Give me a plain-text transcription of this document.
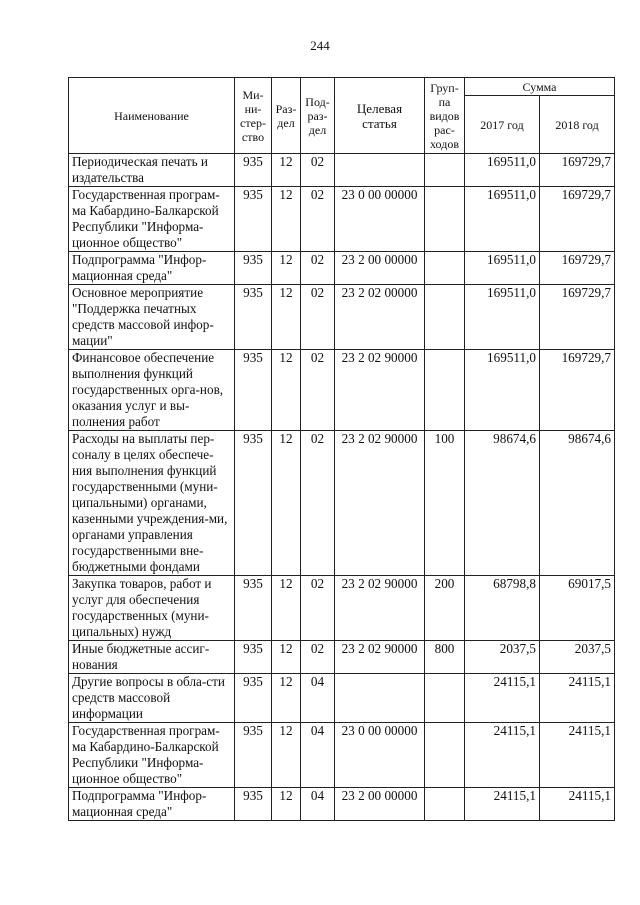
244
Наименование	Ми-
ни-
стер-
ство	Раз-
дел	Под-
раз-
дел	Целевая
статья	Груп-
па
видов
рас-
ходов	Сумма	
						2017 год	2018 год
Периодическая печать и издательства	935	12	02			169511,0	169729,7
Государственная програм-ма Кабардино-Балкарской Республики "Информа-ционное общество"	935	12	02	23 0 00 00000		169511,0	169729,7
Подпрограмма "Инфор-мационная среда"	935	12	02	23 2 00 00000		169511,0	169729,7
Основное мероприятие "Поддержка печатных средств массовой инфор-мации"	935	12	02	23 2 02 00000		169511,0	169729,7
Финансовое обеспечение выполнения функций государственных орга-нов, оказания услуг и вы-полнения работ	935	12	02	23 2 02 90000		169511,0	169729,7
Расходы на выплаты пер-соналу в целях обеспече-ния выполнения функций государственными (муни-ципальными) органами, казенными учреждения-ми, органами управления государственными вне-бюджетными фондами	935	12	02	23 2 02 90000	100	98674,6	98674,6
Закупка товаров, работ и услуг для обеспечения государственных (муни-ципальных) нужд	935	12	02	23 2 02 90000	200	68798,8	69017,5
Иные бюджетные ассиг-нования	935	12	02	23 2 02 90000	800	2037,5	2037,5
Другие вопросы в обла-сти средств массовой информации	935	12	04			24115,1	24115,1
Государственная програм-ма Кабардино-Балкарской Республики "Информа-ционное общество"	935	12	04	23 0 00 00000		24115,1	24115,1
Подпрограмма "Инфор-мационная среда"	935	12	04	23 2 00 00000		24115,1	24115,1
